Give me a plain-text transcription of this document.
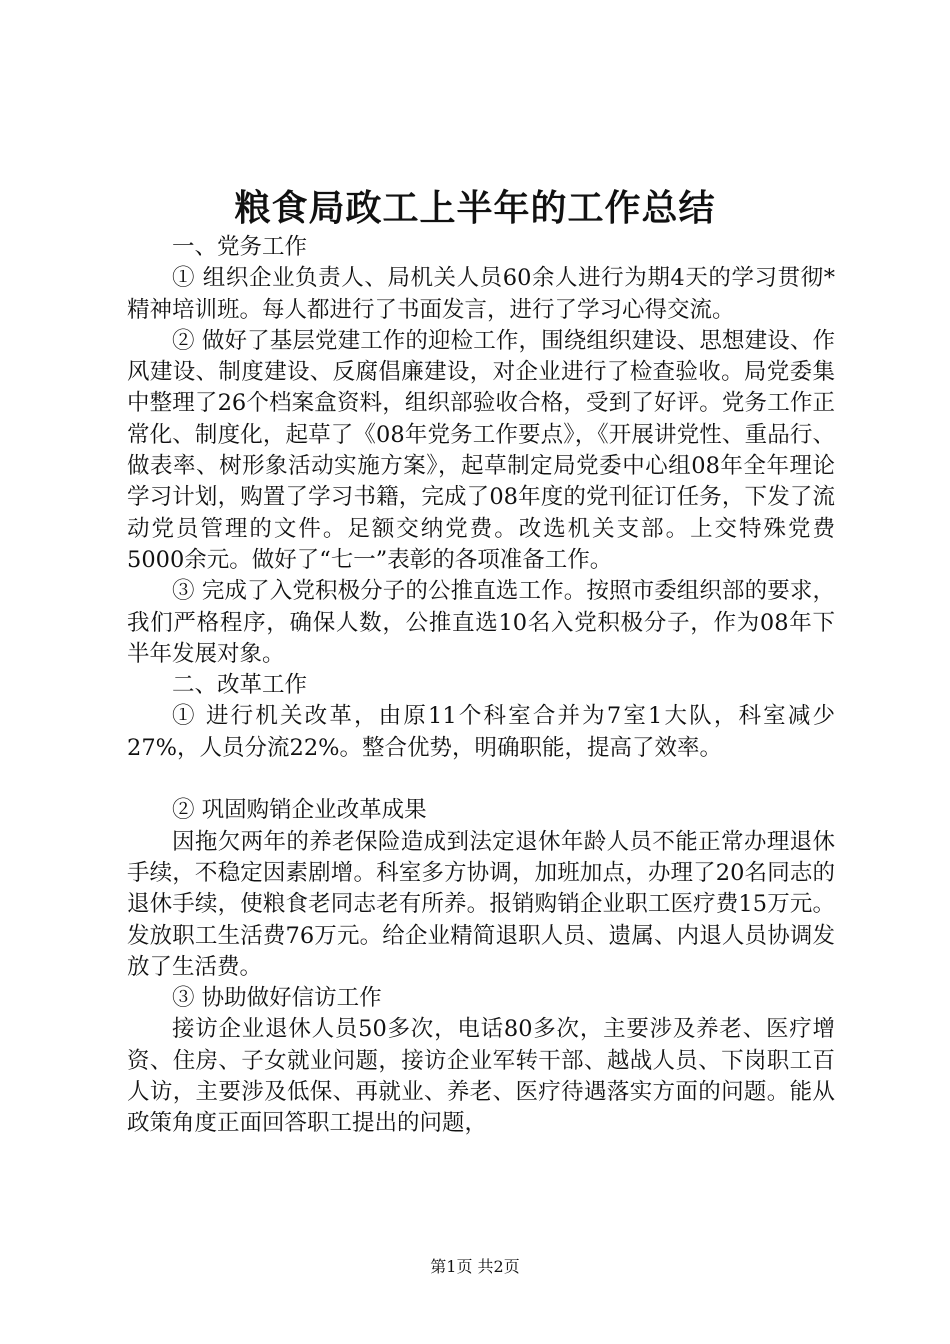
粮食局政工上半年的工作总结

一、党务工作

① 组织企业负责人、局机关人员60余人进行为期4天的学习贯彻*精神培训班。每人都进行了书面发言，进行了学习心得交流。

② 做好了基层党建工作的迎检工作，围绕组织建设、思想建设、作风建设、制度建设、反腐倡廉建设，对企业进行了检查验收。局党委集中整理了26个档案盒资料，组织部验收合格，受到了好评。党务工作正常化、制度化，起草了《08年党务工作要点》，《开展讲党性、重品行、做表率、树形象活动实施方案》，起草制定局党委中心组08年全年理论学习计划，购置了学习书籍，完成了08年度的党刊征订任务，下发了流动党员管理的文件。足额交纳党费。改选机关支部。上交特殊党费5000余元。做好了“七一”表彰的各项准备工作。

③ 完成了入党积极分子的公推直选工作。按照市委组织部的要求，我们严格程序，确保人数，公推直选10名入党积极分子，作为08年下半年发展对象。

二、改革工作

① 进行机关改革，由原11个科室合并为7室1大队，科室减少27%，人员分流22%。整合优势，明确职能，提高了效率。

② 巩固购销企业改革成果

因拖欠两年的养老保险造成到法定退休年龄人员不能正常办理退休手续，不稳定因素剧增。科室多方协调，加班加点，办理了20名同志的退休手续，使粮食老同志老有所养。报销购销企业职工医疗费15万元。发放职工生活费76万元。给企业精简退职人员、遗属、内退人员协调发放了生活费。

③ 协助做好信访工作

接访企业退休人员50多次，电话80多次，主要涉及养老、医疗增资、住房、子女就业问题，接访企业军转干部、越战人员、下岗职工百人访，主要涉及低保、再就业、养老、医疗待遇落实方面的问题。能从政策角度正面回答职工提出的问题，

第1页 共2页
